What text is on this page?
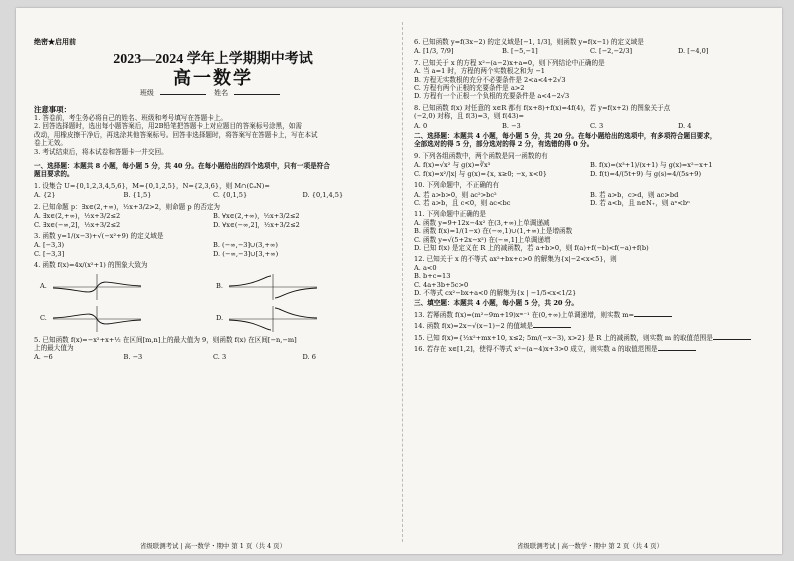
绝密★启用前
2023—2024 学年上学期期中考试
高一数学
班级	姓名
注意事项：

1. 答卷前，考生务必将自己的姓名、班级和考号填写在答题卡上。

2. 回答选择题时，选出每小题答案后，用2B铅笔把答题卡上对应题目的答案标号涂黑，如需

改动，用橡皮擦干净后，再选涂其他答案标号。回答非选择题时，将答案写在答题卡上，写在本试

卷上无效。

3. 考试结束后，将本试卷和答题卡一并交回。

一、选择题：本题共 8 小题，每小题 5 分，共 40 分。在每小题给出的四个选项中，只有一项是符合
题目要求的。
1. 设集合 U={0,1,2,3,4,5,6}，M={0,1,2,5}，N={2,3,6}，则 M∩(∁ᵤN)=
A. {2}	B. {1,5}	C. {0,1,5}	D. {0,1,4,5}
2. 已知命题 p：∃x∈(2,+∞)，½x+3/2>2，则命题 p 的否定为
A. ∃x∈(2,+∞)，½x+3/2≤2	B. ∀x∈(2,+∞)，½x+3/2≤2
C. ∃x∈(−∞,2]，½x+3/2≤2	D. ∀x∈(−∞,2]，½x+3/2≤2
3. 函数 y=1/(x−3)+√(−x²+9) 的定义域是
A. [−3,3)	B. (−∞,−3]∪(3,+∞)
C. [−3,3]	D. (−∞,−3]∪[3,+∞)
4. 函数 f(x)=4x/(x²+1) 的图象大致为
A.	B.
C.	D.
5. 已知函数 f(x)=−x²+x+½ 在区间[m,n]上的最大值为 9，则函数 f(x) 在区间[−n,−m]
上的最大值为
A. −6	B. −3	C. 3	D. 6
省级联测考试 | 高一数学・期中 第 1 页（共 4 页）
6. 已知函数 y=f(3x−2) 的定义域是[−1, 1/3]，则函数 y=f(x−1) 的定义域是
A. [1/3, 7/9]	B. [−5,−1]	C. [−2,−2/3]	D. [−4,0]
7. 已知关于 x 的方程 x²−(a−2)x+a=0，则下列结论中正确的是
A. 当 a=1 时，方程的两个实数根之和为 −1
B. 方程无实数根的充分不必要条件是 2<a<4+2√3
C. 方程有两个正根的充要条件是 a>2
D. 方程有一个正根一个负根的充要条件是 a<4−2√3
8. 已知函数 f(x) 对任意的 x∈R 都有 f(x+8)+f(x)=4f(4)，若 y=f(x+2) 的图象关于点
(−2,0) 对称，且 f(3)=3，则 f(43)=
A. 0	B. −3	C. 3	D. 4
二、选择题：本题共 4 小题，每小题 5 分，共 20 分。在每小题给出的选项中，有多项符合题目要求，
全部选对的得 5 分，部分选对的得 2 分，有选错的得 0 分。
9. 下列各组函数中，两个函数是同一函数的有
A. f(x)=√x² 与 g(x)=∛x³	B. f(x)=(x³+1)/(x+1) 与 g(x)=x²−x+1
C. f(x)=x²/|x| 与 g(x)={x, x≥0; −x, x<0}	D. f(t)=4/(5t+9) 与 g(s)=4/(5s+9)
10. 下列命题中，不正确的有
A. 若 a>b>0，则 ac²>bc²	B. 若 a>b，c>d，则 ac>bd
C. 若 a>b，且 c<0，则 ac<bc	D. 若 a<b，且 n∈N₊，则 aⁿ<bⁿ
11. 下列命题中正确的是
A. 函数 y=9+12x−4x² 在(3,+∞)上单调递减
B. 函数 f(x)=1/(1−x) 在(−∞,1)∪(1,+∞)上是增函数
C. 函数 y=√(5+2x−x²) 在(−∞,1]上单调递增
D. 已知 f(x) 是定义在 R 上的减函数，若 a+b>0，则 f(a)+f(−b)<f(−a)+f(b)
12. 已知关于 x 的不等式 ax²+bx+c>0 的解集为{x|−2<x<5}，则
A. a<0
B. b+c=13
C. 4a+3b+5c>0
D. 不等式 cx²−bx+a<0 的解集为{x | −1/5<x<1/2}
三、填空题：本题共 4 小题，每小题 5 分，共 20 分。
13. 若幂函数 f(x)=(m²−9m+19)xᵐ⁻¹ 在(0,+∞)上单调递增，则实数 m=
14. 函数 f(x)=2x−√(x−1)−2 的值域是
15. 已知 f(x)={½x²+mx+10, x≤2; 5m/(−x−3), x>2} 是 R 上的减函数，则实数 m 的取值范围是
16. 若存在 x∈[1,2]，使得不等式 x²−(a−4)x+3>0 成立，则实数 a 的取值范围是
省级联测考试 | 高一数学・期中 第 2 页（共 4 页）
